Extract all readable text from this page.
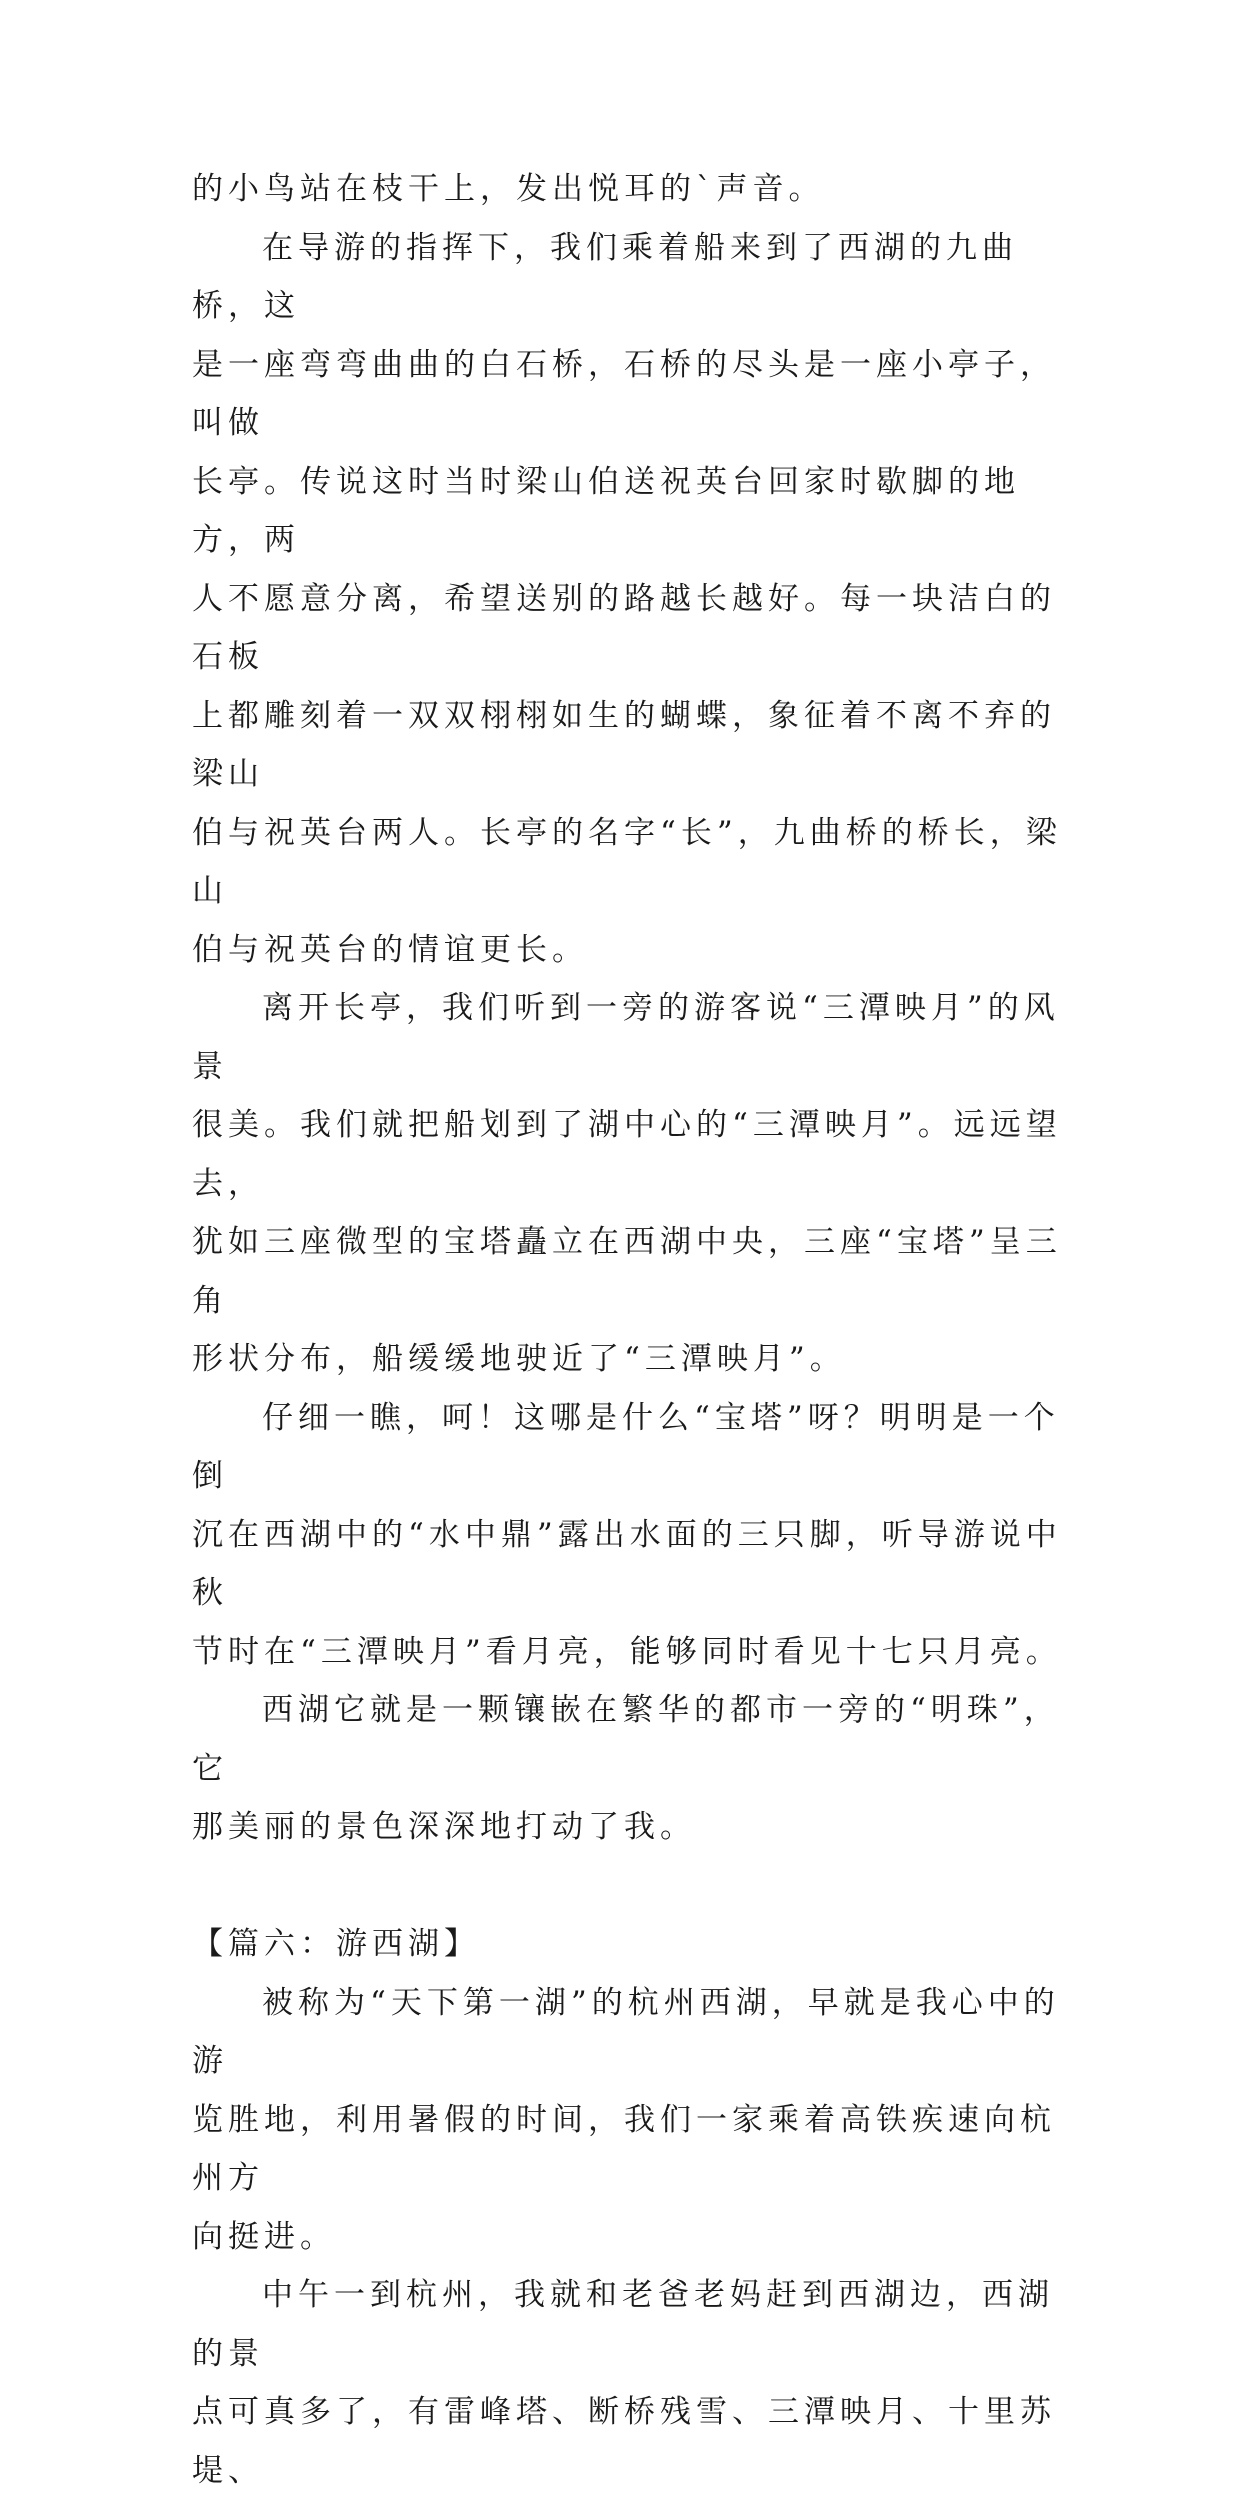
的小鸟站在枝干上，发出悦耳的`声音。

在导游的指挥下，我们乘着船来到了西湖的九曲桥，这
是一座弯弯曲曲的白石桥，石桥的尽头是一座小亭子，叫做
长亭。传说这时当时梁山伯送祝英台回家时歇脚的地方，两
人不愿意分离，希望送别的路越长越好。每一块洁白的石板
上都雕刻着一双双栩栩如生的蝴蝶，象征着不离不弃的梁山
伯与祝英台两人。长亭的名字“长”，九曲桥的桥长，梁山
伯与祝英台的情谊更长。

离开长亭，我们听到一旁的游客说“三潭映月”的风景
很美。我们就把船划到了湖中心的“三潭映月”。远远望去，
犹如三座微型的宝塔矗立在西湖中央，三座“宝塔”呈三角
形状分布，船缓缓地驶近了“三潭映月”。

仔细一瞧，呵！这哪是什么“宝塔”呀？明明是一个倒
沉在西湖中的“水中鼎”露出水面的三只脚，听导游说中秋
节时在“三潭映月”看月亮，能够同时看见十七只月亮。

西湖它就是一颗镶嵌在繁华的都市一旁的“明珠”，它
那美丽的景色深深地打动了我。

【篇六：游西湖】

被称为“天下第一湖”的杭州西湖，早就是我心中的游
览胜地，利用暑假的时间，我们一家乘着高铁疾速向杭州方
向挺进。

中午一到杭州，我就和老爸老妈赶到西湖边，西湖的景
点可真多了，有雷峰塔、断桥残雪、三潭映月、十里苏堤、
